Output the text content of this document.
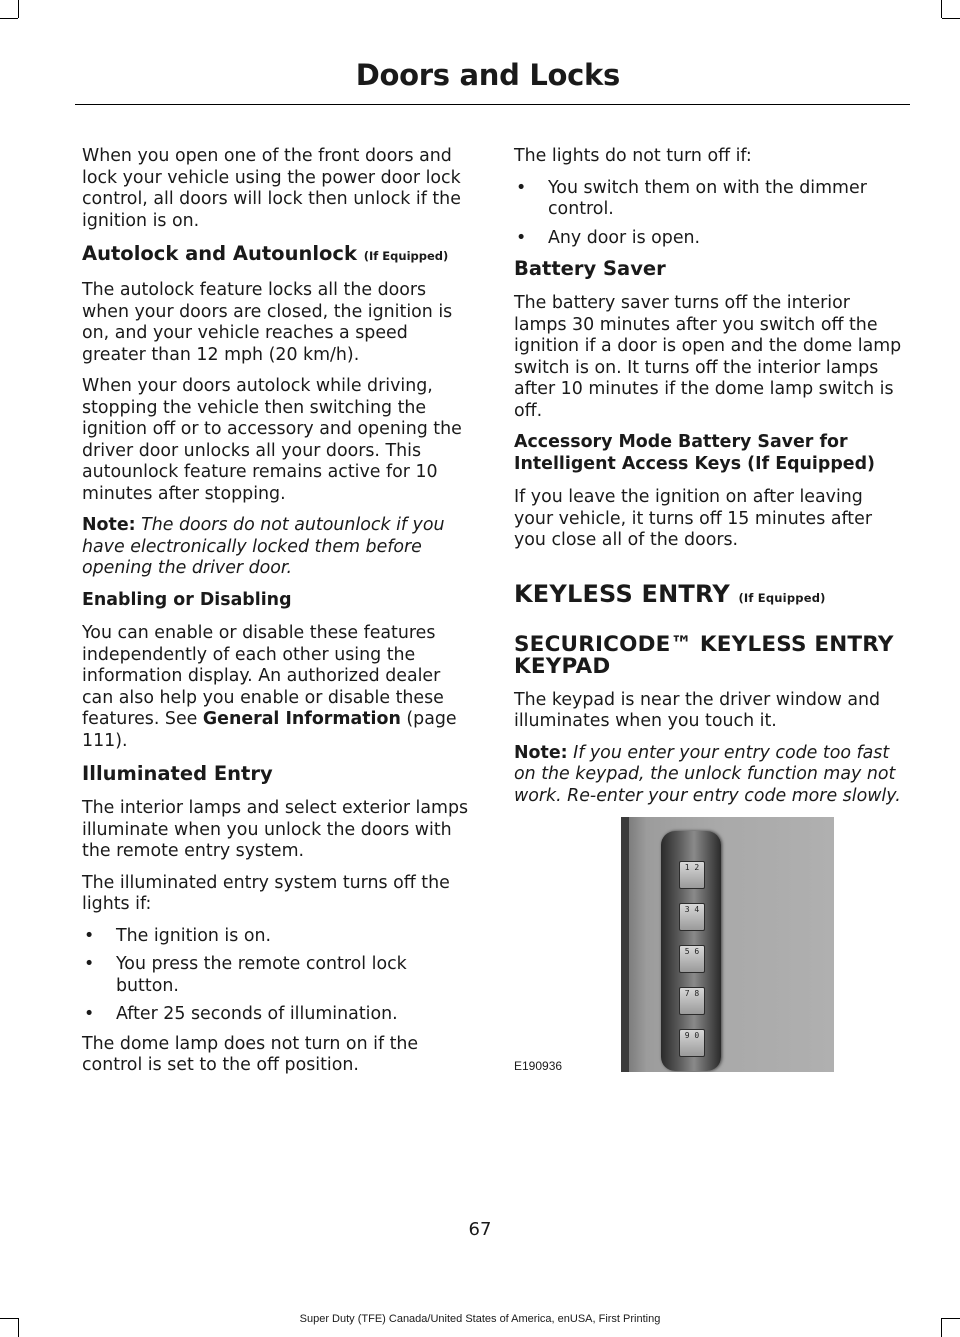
Doors and Locks

When you open one of the front doors and lock your vehicle using the power door lock control, all doors will lock then unlock if the ignition is on.

Autolock and Autounlock (If Equipped)

The autolock feature locks all the doors when your doors are closed, the ignition is on, and your vehicle reaches a speed greater than 12 mph (20 km/h).

When your doors autolock while driving, stopping the vehicle then switching the ignition off or to accessory and opening the driver door unlocks all your doors. This autounlock feature remains active for 10 minutes after stopping.

Note: The doors do not autounlock if you have electronically locked them before opening the driver door.

Enabling or Disabling

You can enable or disable these features independently of each other using the information display. An authorized dealer can also help you enable or disable these features. See General Information (page 111).

Illuminated Entry

The interior lamps and select exterior lamps illuminate when you unlock the doors with the remote entry system.

The illuminated entry system turns off the lights if:

• The ignition is on.
• You press the remote control lock button.
• After 25 seconds of illumination.

The dome lamp does not turn on if the control is set to the off position.

The lights do not turn off if:

• You switch them on with the dimmer control.
• Any door is open.
Battery Saver

The battery saver turns off the interior lamps 30 minutes after you switch off the ignition if a door is open and the dome lamp switch is on. It turns off the interior lamps after 10 minutes if the dome lamp switch is off.

Accessory Mode Battery Saver for Intelligent Access Keys (If Equipped)

If you leave the ignition on after leaving your vehicle, it turns off 15 minutes after you close all of the doors.

KEYLESS ENTRY (If Equipped)
SECURICODE™ KEYLESS ENTRY KEYPAD

The keypad is near the driver window and illuminates when you touch it.

Note: If you enter your entry code too fast on the keypad, the unlock function may not work. Re-enter your entry code more slowly.

1 2
3 4
5 6
7 8
9 0
E190936
67
Super Duty (TFE) Canada/United States of America, enUSA, First Printing
